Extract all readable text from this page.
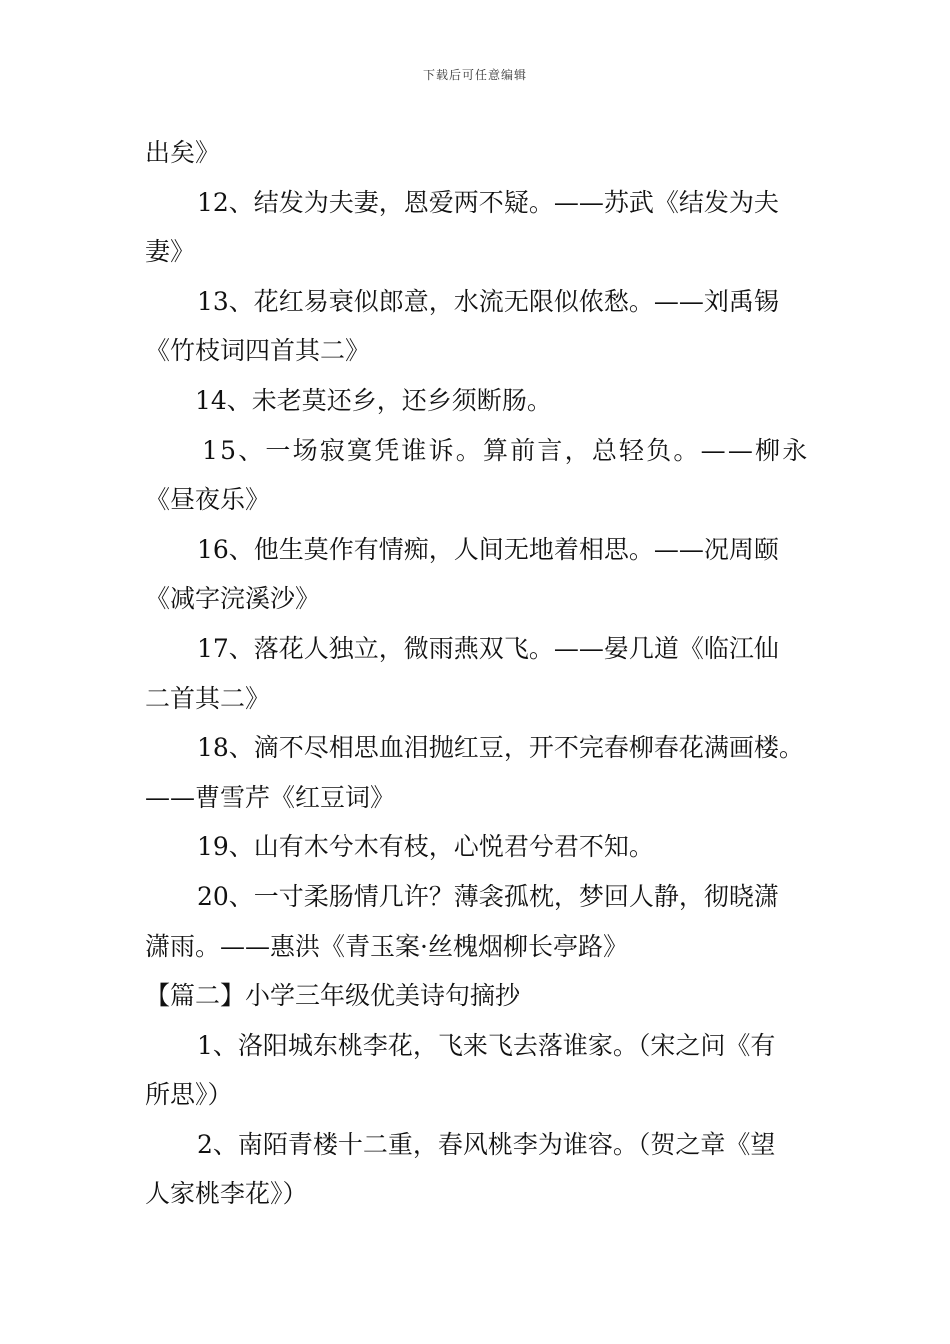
下载后可任意编辑
出矣》
12、结发为夫妻，恩爱两不疑。——苏武《结发为夫
妻》
13、花红易衰似郎意，水流无限似侬愁。——刘禹锡
《竹枝词四首其二》
14、未老莫还乡，还乡须断肠。
15、一场寂寞凭谁诉。算前言，总轻负。——柳永
《昼夜乐》
16、他生莫作有情痴，人间无地着相思。——况周颐
《减字浣溪沙》
17、落花人独立，微雨燕双飞。——晏几道《临江仙
二首其二》
18、滴不尽相思血泪抛红豆，开不完春柳春花满画楼。
——曹雪芹《红豆词》
19、山有木兮木有枝，心悦君兮君不知。
20、一寸柔肠情几许？薄衾孤枕，梦回人静，彻晓潇
潇雨。——惠洪《青玉案·丝槐烟柳长亭路》
【篇二】小学三年级优美诗句摘抄
1、洛阳城东桃李花，飞来飞去落谁家。（宋之问《有
所思》）
2、南陌青楼十二重，春风桃李为谁容。（贺之章《望
人家桃李花》）
